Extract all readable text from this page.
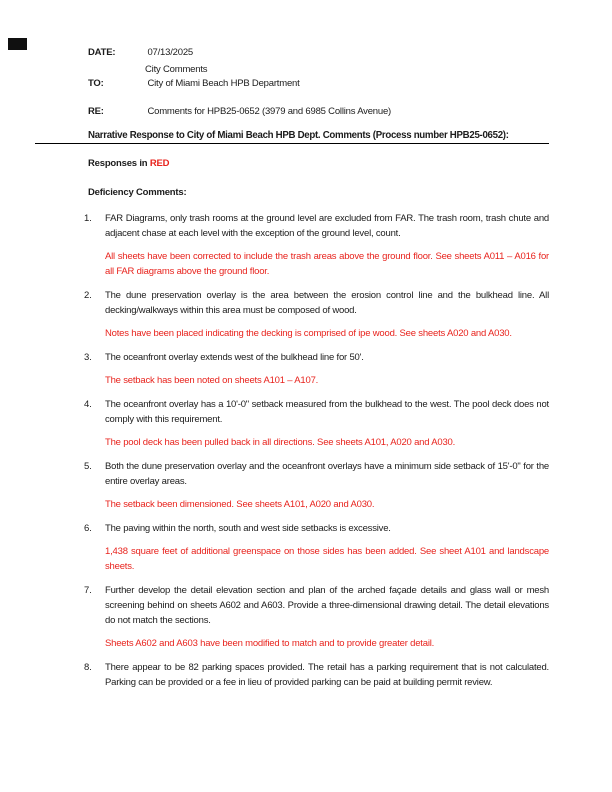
DATE:	07/13/2025
City Comments
TO:	City of Miami Beach HPB Department
RE:	Comments for HPB25-0652 (3979 and 6985 Collins Avenue)
Narrative Response to City of Miami Beach HPB Dept. Comments (Process number HPB25-0652):
Responses in RED
Deficiency Comments:
1.	FAR Diagrams, only trash rooms at the ground level are excluded from FAR. The trash room, trash chute and adjacent chase at each level with the exception of the ground level, count.
All sheets have been corrected to include the trash areas above the ground floor. See sheets A011 – A016 for all FAR diagrams above the ground floor.
2.	The dune preservation overlay is the area between the erosion control line and the bulkhead line. All decking/walkways within this area must be composed of wood.
Notes have been placed indicating the decking is comprised of ipe wood. See sheets A020 and A030.
3.	The oceanfront overlay extends west of the bulkhead line for 50'.
The setback has been noted on sheets A101 – A107.
4.	The oceanfront overlay has a 10'-0" setback measured from the bulkhead to the west. The pool deck does not comply with this requirement.
The pool deck has been pulled back in all directions. See sheets A101, A020 and A030.
5.	Both the dune preservation overlay and the oceanfront overlays have a minimum side setback of 15'-0" for the entire overlay areas.
The setback been dimensioned. See sheets A101, A020 and A030.
6.	The paving within the north, south and west side setbacks is excessive.
1,438 square feet of additional greenspace on those sides has been added. See sheet A101 and landscape sheets.
7.	Further develop the detail elevation section and plan of the arched façade details and glass wall or mesh screening behind on sheets A602 and A603. Provide a three-dimensional drawing detail. The detail elevations do not match the sections.
Sheets A602 and A603 have been modified to match and to provide greater detail.
8.	There appear to be 82 parking spaces provided. The retail has a parking requirement that is not calculated. Parking can be provided or a fee in lieu of provided parking can be paid at building permit review.
